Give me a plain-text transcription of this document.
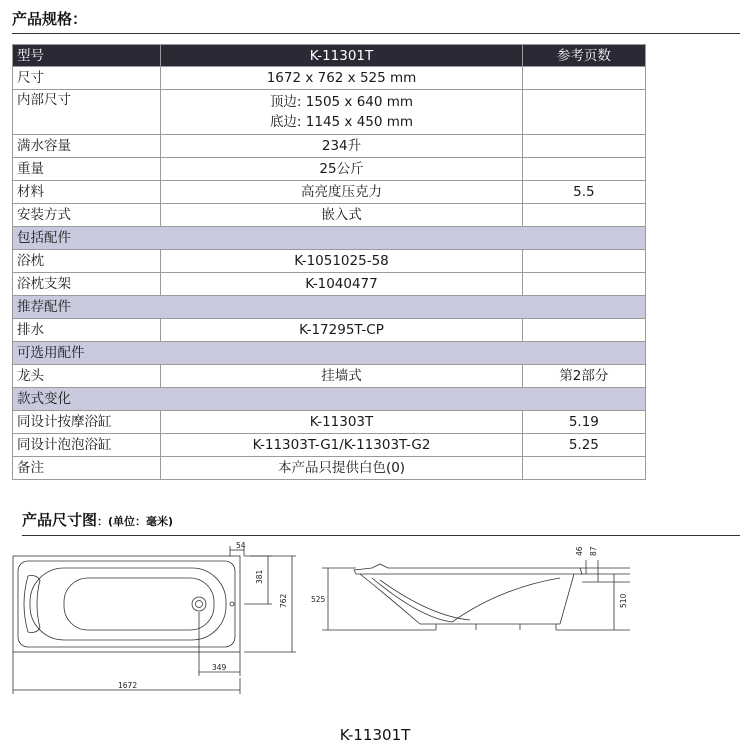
产品规格：
型号	K-11301T	参考页数
尺寸	1672 x 762 x 525 mm	
内部尺寸	顶边: 1505 x 640 mm
底边: 1145 x 450 mm	

满水容量	234升	
重量	25公斤	
材料	高亮度压克力	5.5
安装方式	嵌入式	
包括配件		
浴枕	K-1051025-58	
浴枕支架	K-1040477	
推荐配件		
排水	K-17295T-CP	
可选用配件		
龙头	挂墙式	第2部分
款式变化		
同设计按摩浴缸	K-11303T	5.19
同设计泡泡浴缸	K-11303T-G1/K-11303T-G2	5.25
备注	本产品只提供白色(0)	
产品尺寸图：(单位：毫米)
54
381
762
349
1672
525
46 87
510
K-11301T
